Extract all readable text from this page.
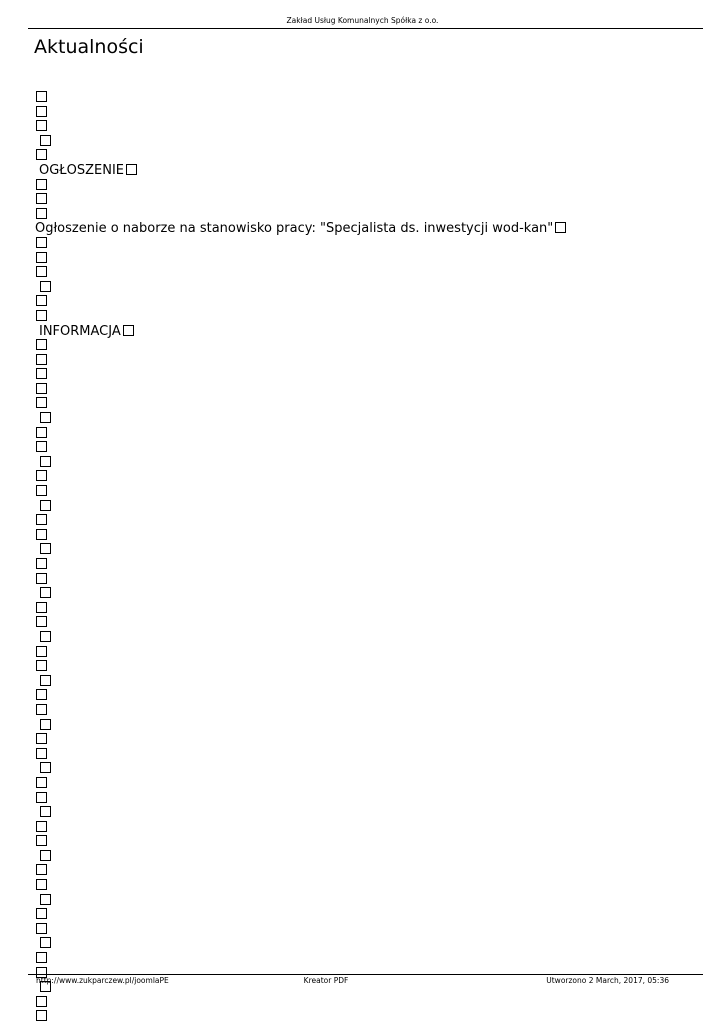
Zakład Usług Komunalnych Spółka z o.o.
Aktualności
OGŁOSZENIE
Ogłoszenie o naborze na stanowisko pracy: "Specjalista ds. inwestycji wod-kan"
INFORMACJA
http://www.zukparczew.pl/joomlaPE	Kreator PDF	Utworzono 2 March, 2017, 05:36
